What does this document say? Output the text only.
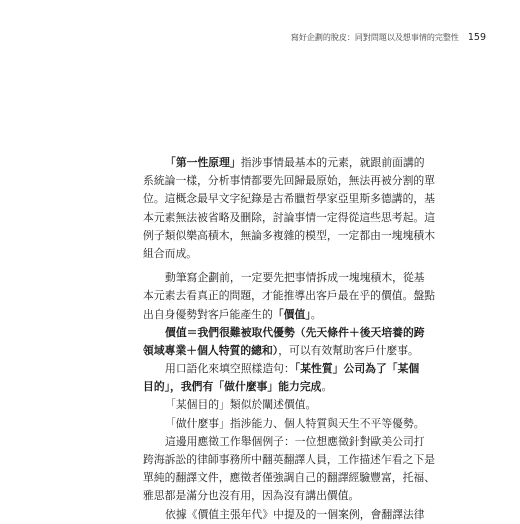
寫好企劃的脫皮：同對問題以及想事情的完整性 159
「第一性原理」指涉事情最基本的元素，就跟前面講的
系統論一樣，分析事情都要先回歸最原始，無法再被分割的單
位。這概念最早文字紀錄是古希臘哲學家亞里斯多德講的，基
本元素無法被省略及刪除，討論事情一定得從這些思考起。這
例子類似樂高積木，無論多複雜的模型，一定都由一塊塊積木
組合而成。
動筆寫企劃前，一定要先把事情拆成一塊塊積木，從基
本元素去看真正的問題，才能推導出客戶最在乎的價值。盤點
出自身優勢對客戶能產生的「價值」。
價值＝我們很難被取代優勢（先天條件＋後天培養的跨
領域專業＋個人特質的總和），可以有效幫助客戶什麼事。
用口語化來填空照樣造句：「某性質」公司為了「某個
目的」，我們有「做什麼事」能力完成。
「某個目的」類似於闡述價值。
「做什麼事」指涉能力、個人特質與天生不平等優勢。
這邊用應徵工作舉個例子：一位想應徵針對歐美公司打
跨海訴訟的律師事務所中翻英翻譯人員，工作描述乍看之下是
單純的翻譯文件，應徵者僅強調自己的翻譯經驗豐富，托福、
雅思都是滿分也沒有用，因為沒有講出價值。
依據《價值主張年代》中提及的一個案例，會翻譯法律
